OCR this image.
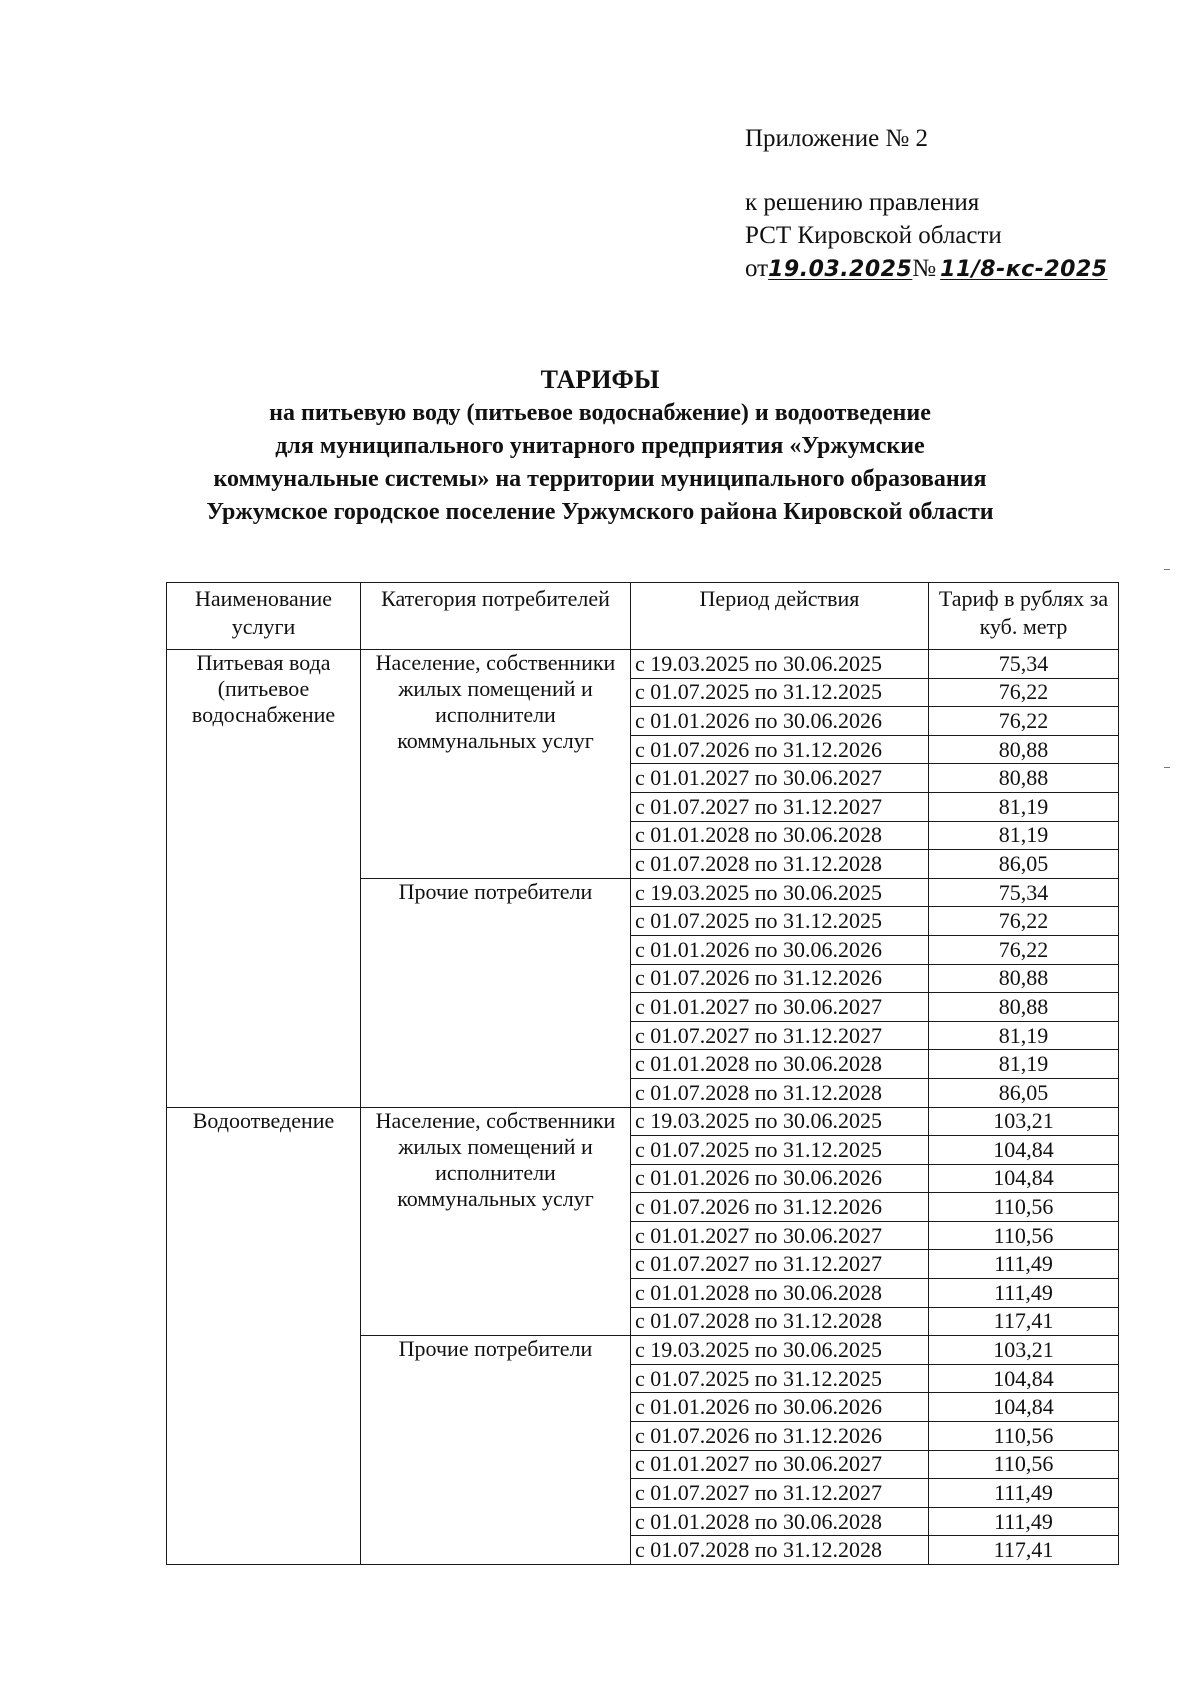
Приложение № 2
к решению правления
РСТ Кировской области
от19.03.2025№ 11/8-кс-2025
ТАРИФЫ
на питьевую воду (питьевое водоснабжение) и водоотведение
для муниципального унитарного предприятия «Уржумские
коммунальные системы» на территории муниципального образования
Уржумское городское поселение Уржумского района Кировской области
Наименование услуги	Категория потребителей	Период действия	Тариф в рублях за куб. метр
Питьевая вода (питьевое водоснабжение	Население, собственники жилых помещений и исполнители коммунальных услуг	с 19.03.2025 по 30.06.2025	75,34
		с 01.07.2025 по 31.12.2025	76,22
		с 01.01.2026 по 30.06.2026	76,22
		с 01.07.2026 по 31.12.2026	80,88
		с 01.01.2027 по 30.06.2027	80,88
		с 01.07.2027 по 31.12.2027	81,19
		с 01.01.2028 по 30.06.2028	81,19
		с 01.07.2028 по 31.12.2028	86,05
	Прочие потребители	с 19.03.2025 по 30.06.2025	75,34
		с 01.07.2025 по 31.12.2025	76,22
		с 01.01.2026 по 30.06.2026	76,22
		с 01.07.2026 по 31.12.2026	80,88
		с 01.01.2027 по 30.06.2027	80,88
		с 01.07.2027 по 31.12.2027	81,19
		с 01.01.2028 по 30.06.2028	81,19
		с 01.07.2028 по 31.12.2028	86,05
Водоотведение	Население, собственники жилых помещений и исполнители коммунальных услуг	с 19.03.2025 по 30.06.2025	103,21
		с 01.07.2025 по 31.12.2025	104,84
		с 01.01.2026 по 30.06.2026	104,84
		с 01.07.2026 по 31.12.2026	110,56
		с 01.01.2027 по 30.06.2027	110,56
		с 01.07.2027 по 31.12.2027	111,49
		с 01.01.2028 по 30.06.2028	111,49
		с 01.07.2028 по 31.12.2028	117,41
	Прочие потребители	с 19.03.2025 по 30.06.2025	103,21
		с 01.07.2025 по 31.12.2025	104,84
		с 01.01.2026 по 30.06.2026	104,84
		с 01.07.2026 по 31.12.2026	110,56
		с 01.01.2027 по 30.06.2027	110,56
		с 01.07.2027 по 31.12.2027	111,49
		с 01.01.2028 по 30.06.2028	111,49
		с 01.07.2028 по 31.12.2028	117,41
